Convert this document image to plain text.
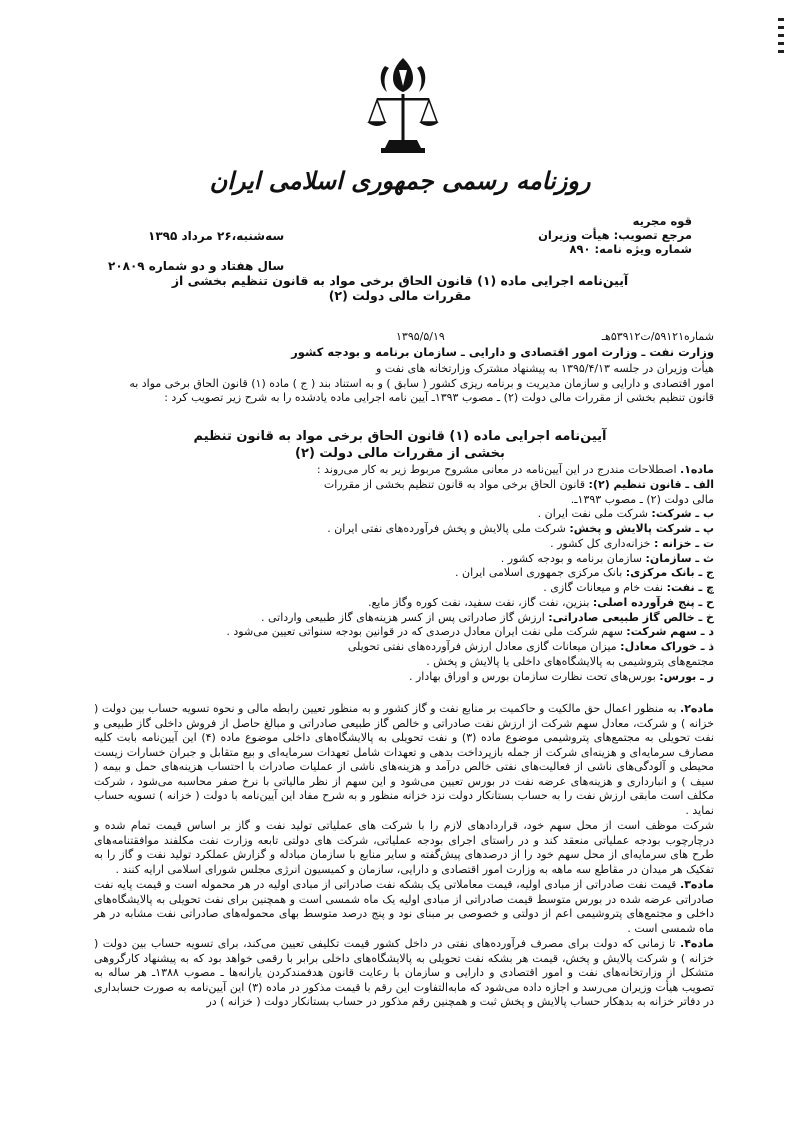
روزنامه رسمی جمهوری اسلامی ایران
قوه مجریه
مرجع تصویب: هیأت وزیران
شماره ویژه نامه: ۸۹۰
سه‌شنبه،۲۶ مرداد ۱۳۹۵
سال هفتاد و دو شماره ۲۰۸۰۹
آیین‌نامه اجرایی ماده (۱) قانون الحاق برخی مواد به قانون تنظیم بخشی از مقررات مالی دولت (۲)
شماره۵۹۱۲۱/ت۵۳۹۱۲هـ
۱۳۹۵/۵/۱۹
وزارت نفت ـ وزارت امور اقتصادی و دارایی ـ سازمان برنامه و بودجه کشور

هیأت وزیران در جلسه ۱۳۹۵/۴/۱۳ به پیشنهاد مشترک وزارتخانه های نفت و

امور اقتصادی و دارایی و سازمان مدیریت و برنامه ریزی کشور ( سابق ) و به استناد بند ( ج ) ماده (۱) قانون الحاق برخی مواد به

قانون تنظیم بخشی از مقررات مالی دولت (۲) ـ مصوب ۱۳۹۳ـ آیین نامه اجرایی ماده یادشده را به شرح زیر تصویب کرد :

آیین‌نامه اجرایی ماده (۱) قانون الحاق برخی مواد به قانون تنظیم
بخشی از مقررات مالی دولت (۲)
ماده۱. اصطلاحات مندرج در این آیین‌نامه در معانی مشروح مربوط زیر به کار می‌روند :
الف ـ قانون تنظیم (۲): قانون الحاق برخی مواد به قانون تنظیم بخشی از مقررات
مالی دولت (۲) ـ مصوب ۱۳۹۳ـ.
ب ـ شرکت: شرکت ملی نفت ایران .
پ ـ شرکت پالایش و پخش: شرکت ملی پالایش و پخش فرآورده‌های نفتی ایران .
ت ـ خزانه : خزانه‌داری کل کشور .
ث ـ سازمان: سازمان برنامه و بودجه کشور .
ج ـ بانک مرکزی: بانک مرکزی جمهوری اسلامی ایران .
چ ـ نفت: نفت خام و میعانات گازی .
ح ـ پنج فرآورده اصلی: بنزین، نفت گاز، نفت سفید، نفت کوره وگاز مایع.
خ ـ خالص گاز طبیعی صادراتی: ارزش گاز صادراتی پس از کسر هزینه‌های گاز طبیعی وارداتی .
د ـ سهم شرکت: سهم شرکت ملی نفت ایران معادل درصدی که در قوانین بودجه سنواتی تعیین می‌شود .
ذ ـ خوراک معادل: میزان میعانات گازی معادل ارزش فرآورده‌های نفتی تحویلی
مجتمع‌های پتروشیمی به پالایشگاه‌های داخلی یا پالایش و پخش .
ر ـ بورس: بورس‌های تحت نظارت سازمان بورس و اوراق بهادار .

ماده۲. به منظور اعمال حق مالکیت و حاکمیت بر منابع نفت و گاز کشور و به منظور تعیین رابطه مالی و نحوه تسویه حساب بین دولت ( خزانه ) و شرکت، معادل سهم شرکت از ارزش نفت صادراتی و خالص گاز طبیعی صادراتی و مبالغ حاصل از فروش داخلی گاز طبیعی و نفت تحویلی به مجتمع‌های پتروشیمی موضوع ماده (۳) و نفت تحویلی به پالایشگاه‌های داخلی موضوع ماده (۴) این آیین‌نامه بابت کلیه مصارف سرمایه‌ای و هزینه‌ای شرکت از جمله بازپرداخت بدهی و تعهدات شامل تعهدات سرمایه‌ای و بیع متقابل و جبران خسارات زیست محیطی و آلودگی‌های ناشی از فعالیت‌های نفتی خالص درآمد و هزینه‌های ناشی از عملیات صادرات با احتساب هزینه‌های حمل و بیمه ( سیف ) و انبارداری و هزینه‌های عرضه نفت در بورس تعیین می‌شود و این سهم از نظر مالیاتی با نرخ صفر محاسبه می‌شود ، شرکت مکلف است مابقی ارزش نفت را به حساب بستانکار دولت نزد خزانه منظور و به شرح مفاد این آیین‌نامه با دولت ( خزانه ) تسویه حساب نماید .

شرکت موظف است از محل سهم خود، قراردادهای لازم را با شرکت های عملیاتی تولید نفت و گاز بر اساس قیمت تمام شده و درچارچوب بودجه عملیاتی منعقد کند و در راستای اجرای بودجه عملیاتی، شرکت های دولتی تابعه وزارت نفت مکلفند موافقتنامه‌های طرح های سرمایه‌ای از محل سهم خود را از درصدهای پیش‌گفته و سایر منابع با سازمان مبادله و گزارش عملکرد تولید نفت و گاز را به تفکیک هر میدان در مقاطع سه ماهه به وزارت امور اقتصادی و دارایی، سازمان و کمیسیون انرژی مجلس شورای اسلامی ارایه کنند .

ماده۳. قیمت نفت صادراتی از مبادی اولیه، قیمت معاملاتی یک بشکه نفت صادراتی از مبادی اولیه در هر محموله است و قیمت پایه نفت صادراتی عرضه شده در بورس متوسط قیمت صادراتی از مبادی اولیه یک ماه شمسی است و همچنین برای نفت تحویلی به پالایشگاه‌های داخلی و مجتمع‌های پتروشیمی اعم از دولتی و خصوصی بر مبنای نود و پنج درصد متوسط بهای محموله‌های صادراتی نفت مشابه در هر ماه شمسی است .

ماده۴. تا زمانی که دولت برای مصرف فرآورده‌های نفتی در داخل کشور قیمت تکلیفی تعیین می‌کند، برای تسویه حساب بین دولت ( خزانه ) و شرکت پالایش و پخش، قیمت هر بشکه نفت تحویلی به پالایشگاه‌های داخلی برابر با رقمی خواهد بود که به پیشنهاد کارگروهی متشکل از وزارتخانه‌های نفت و امور اقتصادی و دارایی و سازمان با رعایت قانون هدفمندکردن یارانه‌ها ـ مصوب ۱۳۸۸ـ هر ساله به تصویب هیأت وزیران می‌رسد و اجازه داده می‌شود که مابه‌التفاوت این رقم با قیمت مذکور در ماده (۳) این آیین‌نامه به صورت حسابداری در دفاتر خزانه به بدهکار حساب پالایش و پخش ثبت و همچنین رقم مذکور در حساب بستانکار دولت ( خزانه ) در
